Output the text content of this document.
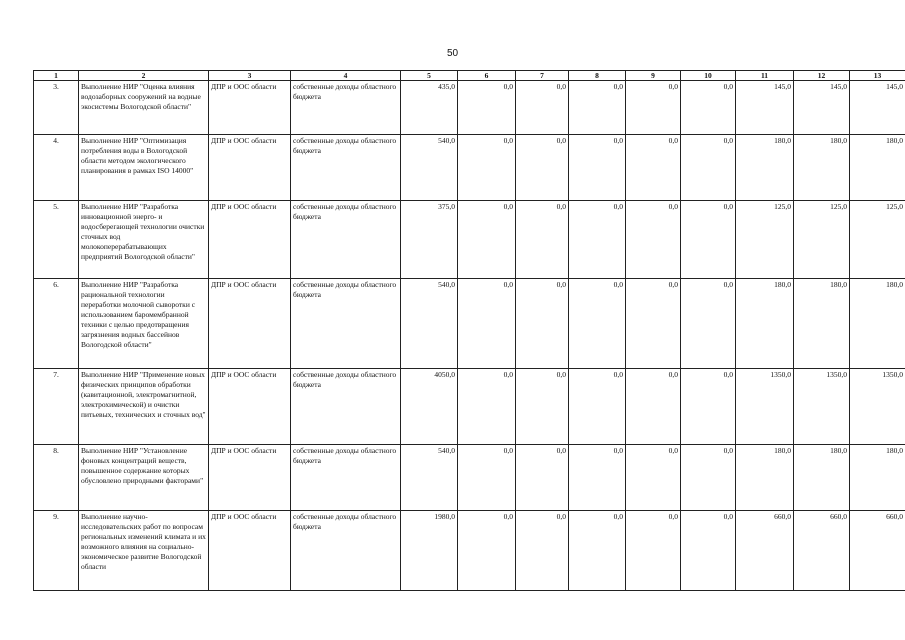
50
1	2	3	4	5	6	7	8	9	10	11	12	13
3.	Выполнение НИР "Оценка влияния водозаборных сооружений на водные экосистемы Вологодской области"	ДПР и ООС области	собственные доходы областного бюджета	435,0	0,0	0,0	0,0	0,0	0,0	145,0	145,0	145,0
4.	Выполнение НИР "Оптимизация потребления воды в Вологодской области методом экологического планирования в рамках ISO 14000"	ДПР и ООС области	собственные доходы областного бюджета	540,0	0,0	0,0	0,0	0,0	0,0	180,0	180,0	180,0
5.	Выполнение НИР "Разработка инновационной энерго- и водосберегающей технологии очистки сточных вод молокоперерабатывающих предприятий Вологодской области"	ДПР и ООС области	собственные доходы областного бюджета	375,0	0,0	0,0	0,0	0,0	0,0	125,0	125,0	125,0
6.	Выполнение НИР "Разработка рациональной технологии переработки молочной сыворотки с использованием баромембранной техники с целью предотвращения загрязнения водных бассейнов Вологодской области"	ДПР и ООС области	собственные доходы областного бюджета	540,0	0,0	0,0	0,0	0,0	0,0	180,0	180,0	180,0
7.	Выполнение НИР "Применение новых физических принципов обработки (кавитационной, электромагнитной, электрохимической) и очистки питьевых, технических и сточных вод"	ДПР и ООС области	собственные доходы областного бюджета	4050,0	0,0	0,0	0,0	0,0	0,0	1350,0	1350,0	1350,0
8.	Выполнение НИР "Установление фоновых концентраций веществ, повышенное содержание которых обусловлено природными факторами"	ДПР и ООС области	собственные доходы областного бюджета	540,0	0,0	0,0	0,0	0,0	0,0	180,0	180,0	180,0
9.	Выполнение научно-исследовательских работ по вопросам региональных изменений климата и их возможного влияния на социально-экономическое развитие Вологодской области	ДПР и ООС области	собственные доходы областного бюджета	1980,0	0,0	0,0	0,0	0,0	0,0	660,0	660,0	660,0
